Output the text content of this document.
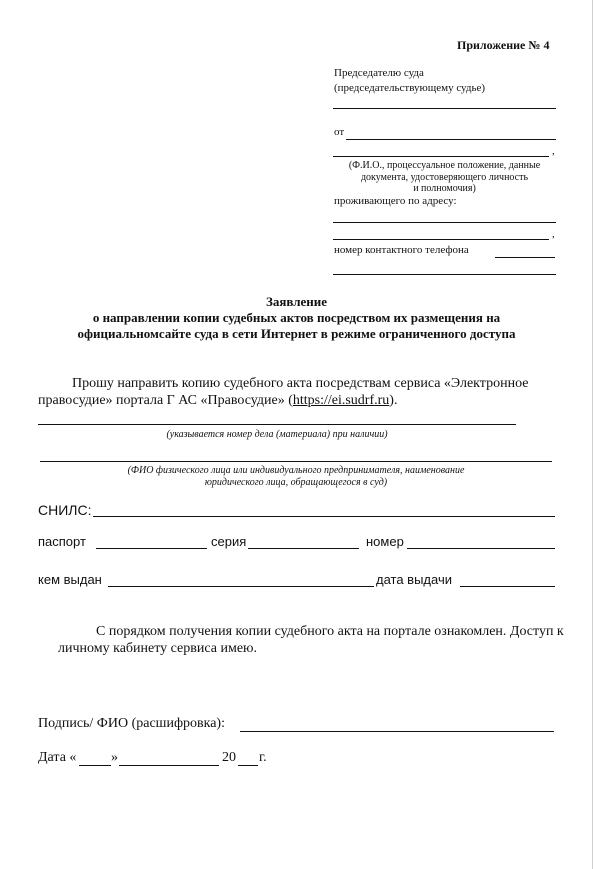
Приложение № 4
Председателю суда
(председательствующему судье)
от
,
(Ф.И.О., процессуальное положение, данные
документа, удостоверяющего личность
и полномочия)
проживающего по адресу:
,
номер контактного телефона
Заявление
о направлении копии судебных актов посредством их размещения на
официальномсайте суда в сети Интернет в режиме ограниченного доступа
Прошу направить копию судебного акта посредствам сервиса «Электронное
правосудие» портала Г АС «Правосудие» (https://ei.sudrf.ru).
(указывается номер дела (материала) при наличии)
(ФИО физического лица или индивидуального предпринимателя, наименование
юридического лица, обращающегося в суд)
СНИЛС:
паспорт	серия	номер
кем выдан	дата выдачи
С порядком получения копии судебного акта на портале ознакомлен. Доступ к
личному кабинету сервиса имею.
Подпись/ ФИО (расшифровка):
Дата « »	20 г.
